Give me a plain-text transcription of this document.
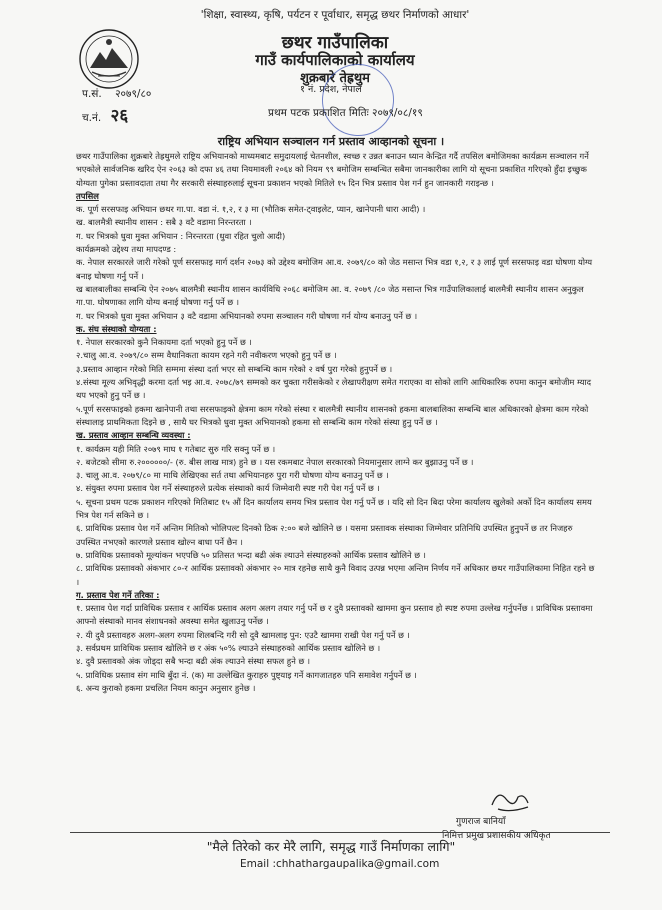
'शिक्षा, स्वास्थ्य, कृषि, पर्यटन र पूर्वाधार, समृद्ध छथर निर्माणको आधार'
छथर गाउँपालिका
गाउँ कार्यपालिकाको कार्यालय
शुक्रबारे तेह्रथुम
१ नं. प्रदेश, नेपाल
प.सं. २०७९/८०
च.नं. २६	प्रथम पटक प्रकाशित मितिः २०७९/०८/१९
राष्ट्रिय अभियान सञ्चालन गर्न प्रस्ताव आव्हानको सूचना ।

छथर गाउँपालिका शुक्रबारे तेह्रथुमले राष्ट्रिय अभियानको माध्यमबाट समुदायलाई चेतनशील, स्वच्छ र उन्नत बनाउन ध्यान केन्द्रित गर्दै तपसिल बमोजिमका कार्यक्रम सञ्चालन गर्ने भएकोले सार्वजनिक खरिद ऐन २०६३ को दफा ४६ तथा नियमावली २०६४ को नियम ९९ बमोजिम सम्बन्धित सबैमा जानकारीका लागि यो सूचना प्रकाशित गरिएको हुँदा इच्छुक योग्यता पुगेका प्रस्तावदाता तथा गैर सरकारी संस्थाहरुलाई सूचना प्रकाशन भएको मितिले १५ दिन भित्र प्रस्ताव पेश गर्न हुन जानकारी गराइन्छ ।

तपसिल

क. पूर्ण सरसफाइ अभियान छथर गा.पा. वडा नं. १,२, र ३ मा (भौतिक समेत-ट्वाइलेट, प्यान, खानेपानी धारा आदी) ।

ख. बालमैत्री स्थानीय शासन : सबै ३ वटै वडामा निरन्तरता ।

ग. घर भित्रको धुवा मुक्त अभियान : निरन्तरता (धुवा रहित चुलो आदी)

कार्यक्रमको उद्देश्य तथा मापदण्ड :

क. नेपाल सरकारले जारी गरेको पूर्ण सरसफाइ मार्ग दर्शन २०७३ को उद्देश्य बमोजिम आ.व. २०७९/८० को जेठ मसान्त भित्र वडा १,२, र ३ लाई पूर्ण सरसफाइ वडा घोषणा योग्य बनाइ घोषणा गर्नु पर्ने ।

ख बालबालीका सम्बन्धि ऐन २०७५ बालमैत्री स्थानीय शासन कार्यविधि २०६८ बमोजिम आ. व. २०७९ /८० जेठ मसान्त भित्र गाउँपालिकालाई बालमैत्री स्थानीय शासन अनुकुल गा.पा. घोषणाका लागि योग्य बनाई घोषणा गर्नु पर्ने छ ।

ग. घर भित्रको धुवा मुक्त अभियान ३ वटै वडामा अभियानको रुपमा सञ्चालन गरी घोषणा गर्न योग्य बनाउनु पर्ने छ ।

क. संघ संस्थाको योग्यता :

१. नेपाल सरकारको कुनै निकायमा दर्ता भएको हुनु पर्ने छ ।

२.चालु आ.व. २०७९/८० सम्म वैधानिकता कायम रहने गरी नवीकरण भएको हुनु पर्ने छ ।

३.प्रस्ताव आव्हान गरेको मिति सम्ममा संस्था दर्ता भएर सो सम्बन्धि काम गरेको २ वर्ष पुरा गरेको हुनुपर्ने छ ।

४.संस्था मूल्य अभिवृद्धी करमा दर्ता भइ आ.व. २०७८/७९ सम्मको कर चुक्ता गरीसकेको र लेखापरीक्षण समेत गराएका वा सोको लागि आधिकारिक रुपमा कानुन बमोजीम म्याद थप भएको हुनु पर्ने छ ।

५.पूर्ण सरसफाइको हकमा खानेपानी तथा सरसफाइको क्षेत्रमा काम गरेको संस्था र बालमैत्री स्थानीय शासनको हकमा बालबालिका सम्बन्धि बाल अधिकारको क्षेत्रमा काम गरेको संस्थालाइ प्राथमिकता दिइने छ , साथै घर भित्रको धुवा मुक्त अभियानको हकमा सो सम्बन्धि काम गरेको संस्था हुनु पर्ने छ ।

ख. प्रस्ताव आव्हान सम्बन्धि व्यवस्था :

१. कार्यक्रम यही मिति २०७९ माघ १ गतेबाट सुरु गरि सक्नु पर्ने छ ।

२. बजेटको सीमा रु.२००००००/- (रु. बीस लाख मात्र) हुने छ । यस रकमबाट नेपाल सरकारको नियमानुसार लाग्ने कर बुझाउनु पर्ने छ ।

३. चालु आ.व. २०७९/८० मा माथि लेखिएका सर्त तथा अभियानहरु पुरा गरी घोषणा योग्य बनाउनु पर्ने छ ।

४. संयुक्त रुपमा प्रस्ताव पेश गर्ने संस्थाहरुले प्रत्येक संस्थाको कार्य जिम्मेवारी स्पष्ट गरी पेश गर्नु पर्ने छ ।

५. सूचना प्रथम पटक प्रकाशन गरिएको मितिबाट १५ औं दिन कार्यालय समय भित्र प्रस्ताव पेश गर्नु पर्ने छ । यदि सो दिन बिदा परेमा कार्यालय खुलेको अर्को दिन कार्यालय समय भित्र पेश गर्न सकिने छ ।

६. प्राविधिक प्रस्ताव पेश गर्ने अन्तिम मितिको भोलिपल्ट दिनको ठिक २:०० बजे खोलिने छ । यसमा प्रस्तावक संस्थाका जिम्मेवार प्रतिनिधि उपस्थित हुनुपर्ने छ तर निजहरु उपस्थित नभएको कारणले प्रस्ताव खोल्न बाधा पर्ने छैन ।

७. प्राविधिक प्रस्तावको मूल्यांकन भएपछि ५० प्रतिसत भन्दा बढी अंक ल्याउने संस्थाहरुको आर्थिक प्रस्ताव खोलिने छ ।

८. प्राविधिक प्रस्तावको अंकभार ८०-र आर्थिक प्रस्तावको अंकभार २० मात्र रहनेछ साथै कुनै विवाद उत्पन्न भएमा अन्तिम निर्णय गर्ने अधिकार छथर गाउँपालिकामा निहित रहने छ ।

ग. प्रस्ताव पेश गर्ने तरिका :

१. प्रस्ताव पेश गर्दा प्राविधिक प्रस्ताव र आर्थिक प्रस्ताव अलग अलग तयार गर्नु पर्ने छ र दुवै प्रस्तावको खाममा कुन प्रस्ताव हो स्पष्ट रुपमा उल्लेख गर्नुपर्नेछ । प्राविधिक प्रस्तावमा आफ्नो संस्थाको मानव संशाधनको अवस्था समेत खुलाउनु पर्नेछ ।

२. यी दुवै प्रस्तावहरु अलग-अलग रुपमा शिलबन्दि गरी सो दुवै खामलाइ पुन: एउटै खाममा राखी पेश गर्नु पर्ने छ ।

३. सर्वप्रथम प्राविधिक प्रस्ताव खोलिने छ र अंक ५०% ल्याउने संस्थाहरुको आर्थिक प्रस्ताव खोलिने छ ।

४. दुवै प्रस्तावको अंक जोड्दा सबै भन्दा बढी अंक ल्याउने संस्था सफल हुने छ ।

५. प्राविधिक प्रस्ताव संग माथि बुँदा नं. (क) मा उल्लेखित कुराहरु पुष्ट्याइ गर्ने कागजातहरु पनि समावेश गर्नुपर्ने छ ।

६. अन्य कुराको हकमा प्रचलित नियम कानुन अनुसार हुनेछ ।

गुणराज बानियाँ
निमित्त प्रमुख प्रशासकीय अधिकृत
"मैले तिरेको कर मेरै लागि, समृद्ध गाउँ निर्माणका लागि"
Email :chhathargaupalika@gmail.com
